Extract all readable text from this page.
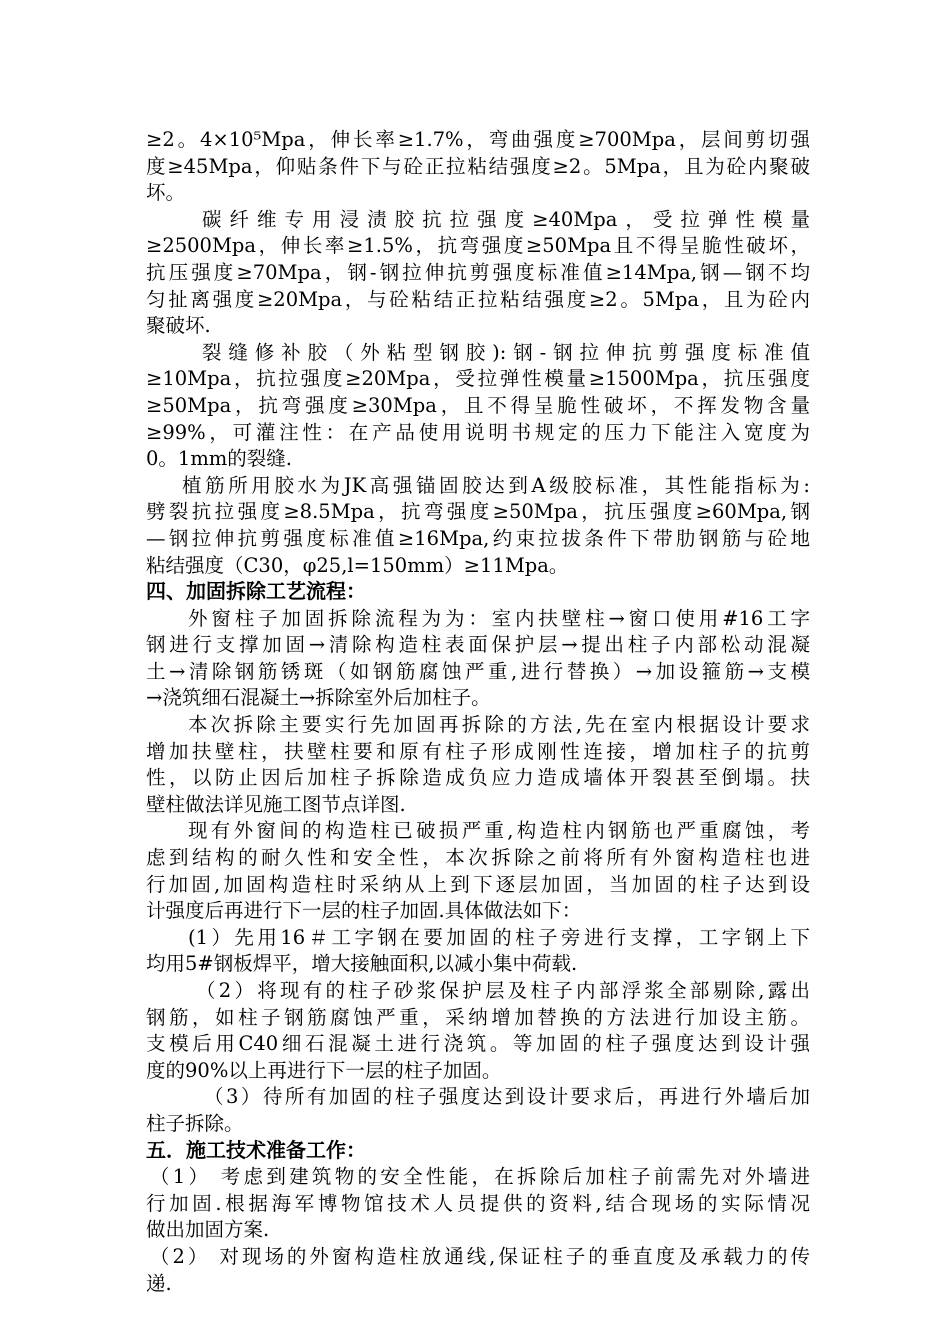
≥2。4×10⁵Mpa，伸长率≥1.7%，弯曲强度≥700Mpa，层间剪切强
度≥45Mpa，仰贴条件下与砼正拉粘结强度≥2。5Mpa，且为砼内聚破
坏。
碳纤维专用浸渍胶抗拉强度≥40Mpa，受拉弹性模量
≥2500Mpa，伸长率≥1.5%，抗弯强度≥50Mpa且不得呈脆性破坏，
抗压强度≥70Mpa，钢-钢拉伸抗剪强度标准值≥14Mpa,钢—钢不均
匀扯离强度≥20Mpa，与砼粘结正拉粘结强度≥2。5Mpa，且为砼内
聚破坏.
裂缝修补胶（外粘型钢胶):钢-钢拉伸抗剪强度标准值
≥10Mpa，抗拉强度≥20Mpa，受拉弹性模量≥1500Mpa，抗压强度
≥50Mpa，抗弯强度≥30Mpa，且不得呈脆性破坏，不挥发物含量
≥99%，可灌注性：在产品使用说明书规定的压力下能注入宽度为
0。1mm的裂缝.
植筋所用胶水为JK高强锚固胶达到A级胶标准，其性能指标为:
劈裂抗拉强度≥8.5Mpa，抗弯强度≥50Mpa，抗压强度≥60Mpa,钢
—钢拉伸抗剪强度标准值≥16Mpa,约束拉拔条件下带肋钢筋与砼地
粘结强度（C30，φ25,l=150mm）≥11Mpa。
四、加固拆除工艺流程：
外窗柱子加固拆除流程为为：室内扶壁柱→窗口使用#16工字
钢进行支撑加固→清除构造柱表面保护层→提出柱子内部松动混凝
土→清除钢筋锈斑（如钢筋腐蚀严重,进行替换）→加设箍筋→支模
→浇筑细石混凝土→拆除室外后加柱子。
本次拆除主要实行先加固再拆除的方法,先在室内根据设计要求
增加扶壁柱，扶壁柱要和原有柱子形成刚性连接，增加柱子的抗剪
性，以防止因后加柱子拆除造成负应力造成墙体开裂甚至倒塌。扶
壁柱做法详见施工图节点详图.
现有外窗间的构造柱已破损严重,构造柱内钢筋也严重腐蚀，考
虑到结构的耐久性和安全性，本次拆除之前将所有外窗构造柱也进
行加固,加固构造柱时采纳从上到下逐层加固，当加固的柱子达到设
计强度后再进行下一层的柱子加固.具体做法如下：
(1）先用16＃工字钢在要加固的柱子旁进行支撑，工字钢上下
均用5#钢板焊平，增大接触面积,以减小集中荷载.
（2）将现有的柱子砂浆保护层及柱子内部浮浆全部剔除,露出
钢筋，如柱子钢筋腐蚀严重，采纳增加替换的方法进行加设主筋。
支模后用C40细石混凝土进行浇筑。等加固的柱子强度达到设计强
度的90%以上再进行下一层的柱子加固。
（3）待所有加固的柱子强度达到设计要求后，再进行外墙后加
柱子拆除。
五．施工技术准备工作：
（1） 考虑到建筑物的安全性能，在拆除后加柱子前需先对外墙进
行加固.根据海军博物馆技术人员提供的资料,结合现场的实际情况
做出加固方案.
（2） 对现场的外窗构造柱放通线,保证柱子的垂直度及承载力的传
递.
